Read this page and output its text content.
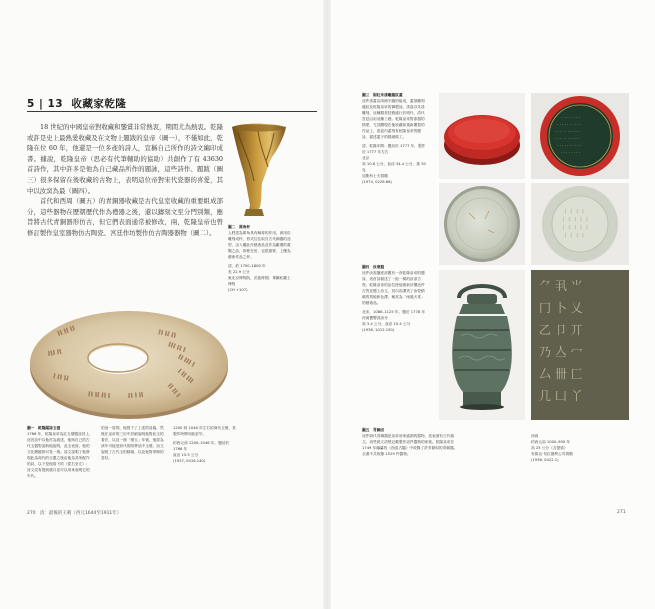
5 | 13 收藏家乾隆

18 世紀的中國皇帝對收藏和鑒賞非常熱衷，期間尤為熱衷。乾隆或許是史上最熱愛收藏及在文物上題跋的皇帝（圖一），不僅如此，乾隆在位 60 年，他還是一位多產的詩人，宣稱自己所作的詩文編印成書。據說，乾隆皇帝（思必有代筆輔助的協助）共創作了有 43630 首詩作，其中許多是他為自己藏品所作的題詠，這些詩作、題跋（圖三）很多保留在後收藏的古物上，表明這位帝對宋代瓷器的喜愛，其中以汝窯為最（圖四）。

首代和西周（圖五）的青銅器收藏是古代皇室收藏的重要組成部分，這些器物在歷朝歷代作為禮器之後，還以鑄刻文至分門別類，應旨將古代青銅器形仿古，但它們表面通常被修改，兩，乾隆皇帝也曾修訂製作皇室器物仿古陶瓷、宮廷作坊製作仿古陶器器物（圖二）。

圖二　犀角杯
人們認為犀角具有解毒的作用，被用於雕刻成杯，形式往往取自古代銅器的造型，由入雕此作藝術品及作為獻禮的賞賜之品，即使在世，也很重要、上擺為藝術作品之杯。
清，約 1700–1800 年
長 22.9 公分
東北京博物院，沃茲時期，專屬私藏土博物
(CH +107)
‖‖ ‖‖ ‖‖
‖‖‖ ‖‖ ‖
‖‖ ‖‖‖ ‖
‖ ‖‖ ‖‖‖
‖‖ ‖‖ ‖
‖‖ ‖‖ ‖‖
‖‖‖ ‖‖
‖ ‖‖ ‖‖
‖‖ ‖‖ ‖‖ ‖	‖‖ ‖ ‖‖
圖一　乾隆題詩玉璧
1766 年，乾隆皇帝為紅玉璧題詩其上，這首詩中以他作為敘述，他與自己的古代玉器對話般地說明，此玉表面，他的文化興趣即可見一斑。詩文說明了他發現此為周代的玉器之後由他為其所配作的詩，以下是他寫下的（從右至左）：詩文沒有提到歲月並可以用來表明它的年代。
的這一原則，他寫下了上述的詩篇，然後在皇帝的三臣中詳細說明他對此玉的看法，以及一個「璧玉」年號，他認為該年可能是前代的陪葬品中玉璧。詩文說明了古代玉的精細，以及他對形制的喜好。
1200 到 1046 年左右的商代玉璧，其製作時間可能更早。
約西元前 1200–1046 年，題詩於 1766 年
直徑 15.5 公分
(1937, 0416.140)
270 清：最後的王朝（西元1644至1911年）
圖三　剔紅朱漆雕龍紋蓋
這件漆蓋由兩個半圓形組成，蓋頂雕刻龍紋及乾隆皇帝的御製詩。漆盒以朱漆雕刻，這種精美技藝盛行於明代，清代宮廷沿用這種工藝。乾隆皇帝對漆器的熱愛，尤其體現在他收藏和重新題寫的作品上，漆盒內蓋刻有乾隆皇帝的題詩，描述蓋子的精細做工。
清，乾隆年間：題詩於 1777 年，製作於 1777 年左右
北京
高 10.8 公分，直徑 34.4 公分，重 30 克
加斯科士夫捐贈
(1974, 0226.66)
· · · · · · · ·
· · · · · · · · · ·
· · · · · · · · · ·
· · · · · · · · · ·
· · · · · · · · · ·
· · · · · · · ·
丨 丨 丨 丨
丨 丨 丨 丨 丨
丨 丨 丨 丨 丨
丨 丨 丨 丨
圖四　汝窯盤
這件汝窯盤底部題有一首乾隆皇帝的題詩，這首詩描述了一組一樣的汝窯古瓷。乾隆皇帝的品位使他重新評價這件古瓷並題上詩文，其內容讚美了汝瓷精緻的質地和色澤，稱其為「雨過天青」的藝術品。
北宋，1086–1125 年，題於 1778 年
河南寶豐清涼寺
高 3.4 公分，直徑 15.4 公分
(1936, 1012.150)
⺈ 丮 ⺌
冂 卜 乂
乙 卩 丌
乃 亼 冖
厶 卌 匚
几 凵 丫
圖五　青銅卣
這件商代青銅器是皇帝用來盛酒的器物，其表面有古代銘文。這些銘文清楚記載製作這件器物的家族。乾隆皇帝在 1749 年編纂的《西清古鑑》中收錄了許多類似的青銅器。全書中共收錄 1529 件器物。
西周
約西元前 1000–900 年
高 25 公分（含提梁）
布魯克·布拉德利公司捐贈
(1936, 0422.1)
271
